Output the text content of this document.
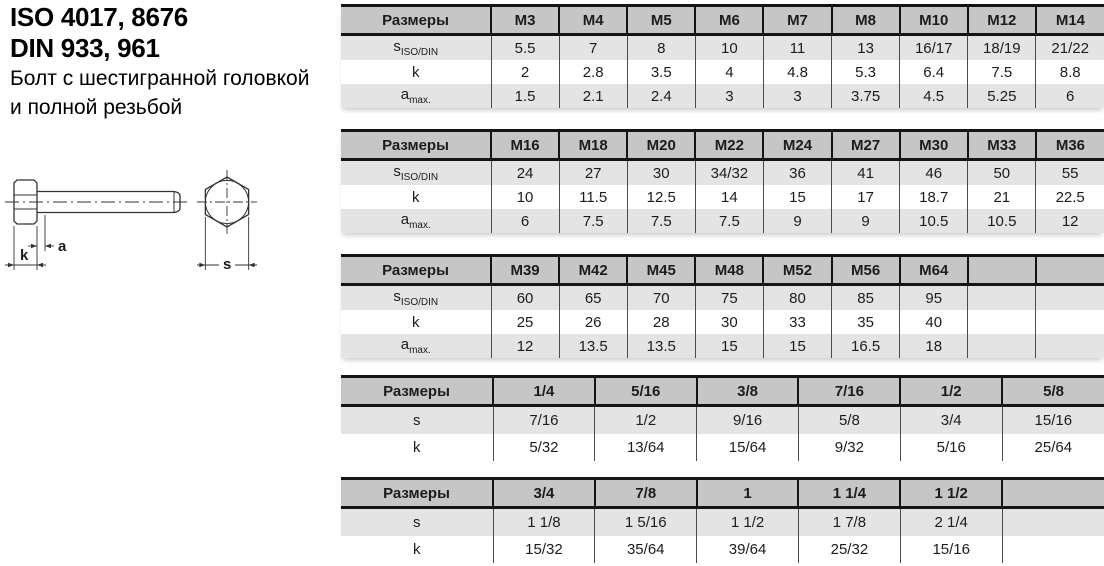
ISO 4017, 8676
DIN 933, 961
Болт с шестигранной головкой
и полной резьбой
a
k
s
Размеры	M3	M4	M5	M6	M7	M8	M10	M12	M14
$s_{ISO/DIN}$	5.5	7	8	10	11	13	16/17	18/19	21/22
k	2	2.8	3.5	4	4.8	5.3	6.4	7.5	8.8
$a_{max.}$	1.5	2.1	2.4	3	3	3.75	4.5	5.25	6
Размеры	M16	M18	M20	M22	M24	M27	M30	M33	M36
$s_{ISO/DIN}$	24	27	30	34/32	36	41	46	50	55
k	10	11.5	12.5	14	15	17	18.7	21	22.5
$a_{max.}$	6	7.5	7.5	7.5	9	9	10.5	10.5	12
Размеры	M39	M42	M45	M48	M52	M56	M64		
$s_{ISO/DIN}$	60	65	70	75	80	85	95		
k	25	26	28	30	33	35	40		
$a_{max.}$	12	13.5	13.5	15	15	16.5	18		
Размеры	1/4	5/16	3/8	7/16	1/2	5/8
s	7/16	1/2	9/16	5/8	3/4	15/16
k	5/32	13/64	15/64	9/32	5/16	25/64
Размеры	3/4	7/8	1	1 1/4	1 1/2	
s	1 1/8	1 5/16	1 1/2	1 7/8	2 1/4	
k	15/32	35/64	39/64	25/32	15/16	
